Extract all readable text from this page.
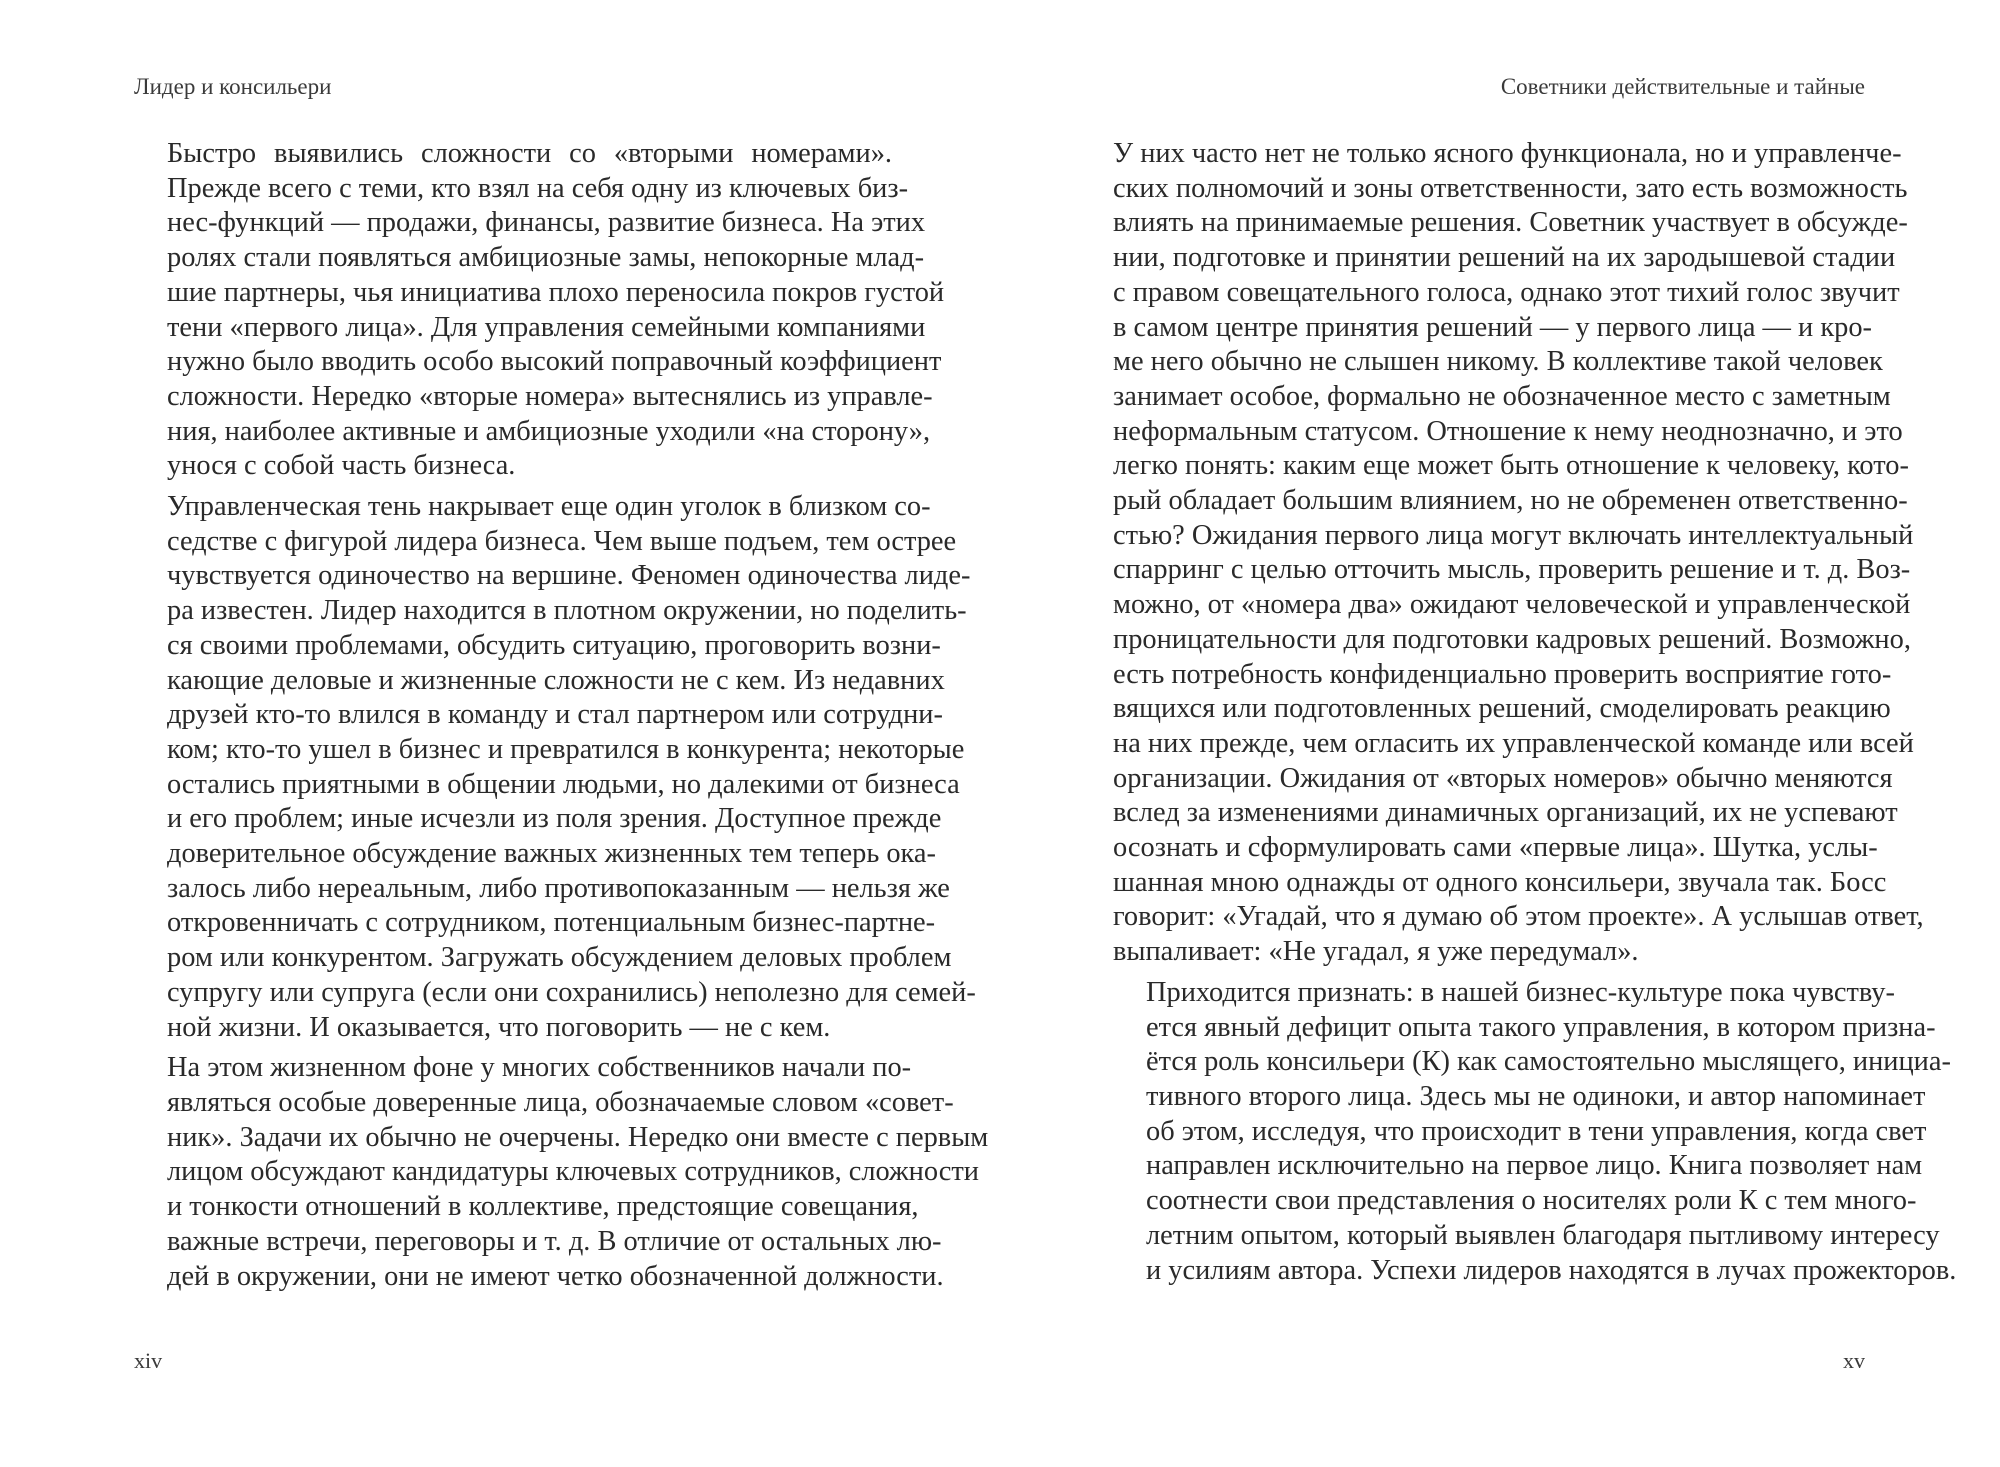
Лидер и консильери

Быстро выявились сложности со «вторыми номерами».
Прежде всего с теми, кто взял на себя одну из ключевых биз-
нес-функций — продажи, финансы, развитие бизнеса. На этих
ролях стали появляться амбициозные замы, непокорные млад-
шие партнеры, чья инициатива плохо переносила покров густой
тени «первого лица». Для управления семейными компаниями
нужно было вводить особо высокий поправочный коэффициент
сложности. Нередко «вторые номера» вытеснялись из управле-
ния, наиболее активные и амбициозные уходили «на сторону»,
унося с собой часть бизнеса.

Управленческая тень накрывает еще один уголок в близком со-
седстве с фигурой лидера бизнеса. Чем выше подъем, тем острее
чувствуется одиночество на вершине. Феномен одиночества лиде-
ра известен. Лидер находится в плотном окружении, но поделить-
ся своими проблемами, обсудить ситуацию, проговорить возни-
кающие деловые и жизненные сложности не с кем. Из недавних
друзей кто-то влился в команду и стал партнером или сотрудни-
ком; кто-то ушел в бизнес и превратился в конкурента; некоторые
остались приятными в общении людьми, но далекими от бизнеса
и его проблем; иные исчезли из поля зрения. Доступное прежде
доверительное обсуждение важных жизненных тем теперь ока-
залось либо нереальным, либо противопоказанным — нельзя же
откровенничать с сотрудником, потенциальным бизнес-партне-
ром или конкурентом. Загружать обсуждением деловых проблем
супругу или супруга (если они сохранились) неполезно для семей-
ной жизни. И оказывается, что поговорить — не с кем.

На этом жизненном фоне у многих собственников начали по-
являться особые доверенные лица, обозначаемые словом «совет-
ник». Задачи их обычно не очерчены. Нередко они вместе с первым
лицом обсуждают кандидатуры ключевых сотрудников, сложности
и тонкости отношений в коллективе, предстоящие совещания,
важные встречи, переговоры и т. д. В отличие от остальных лю-
дей в окружении, они не имеют четко обозначенной должности.

xiv
Советники действительные и тайные

У них часто нет не только ясного функционала, но и управленче-
ских полномочий и зоны ответственности, зато есть возможность
влиять на принимаемые решения. Советник участвует в обсужде-
нии, подготовке и принятии решений на их зародышевой стадии
с правом совещательного голоса, однако этот тихий голос звучит
в самом центре принятия решений — у первого лица — и кро-
ме него обычно не слышен никому. В коллективе такой человек
занимает особое, формально не обозначенное место с заметным
неформальным статусом. Отношение к нему неоднозначно, и это
легко понять: каким еще может быть отношение к человеку, кото-
рый обладает большим влиянием, но не обременен ответственно-
стью? Ожидания первого лица могут включать интеллектуальный
спарринг с целью отточить мысль, проверить решение и т. д. Воз-
можно, от «номера два» ожидают человеческой и управленческой
проницательности для подготовки кадровых решений. Возможно,
есть потребность конфиденциально проверить восприятие гото-
вящихся или подготовленных решений, смоделировать реакцию
на них прежде, чем огласить их управленческой команде или всей
организации. Ожидания от «вторых номеров» обычно меняются
вслед за изменениями динамичных организаций, их не успевают
осознать и сформулировать сами «первые лица». Шутка, услы-
шанная мною однажды от одного консильери, звучала так. Босс
говорит: «Угадай, что я думаю об этом проекте». А услышав ответ,
выпаливает: «Не угадал, я уже передумал».

Приходится признать: в нашей бизнес-культуре пока чувству-
ется явный дефицит опыта такого управления, в котором призна-
ётся роль консильери (К) как самостоятельно мыслящего, инициа-
тивного второго лица. Здесь мы не одиноки, и автор напоминает
об этом, исследуя, что происходит в тени управления, когда свет
направлен исключительно на первое лицо. Книга позволяет нам
соотнести свои представления о носителях роли К с тем много-
летним опытом, который выявлен благодаря пытливому интересу
и усилиям автора. Успехи лидеров находятся в лучах прожекторов.

xv
